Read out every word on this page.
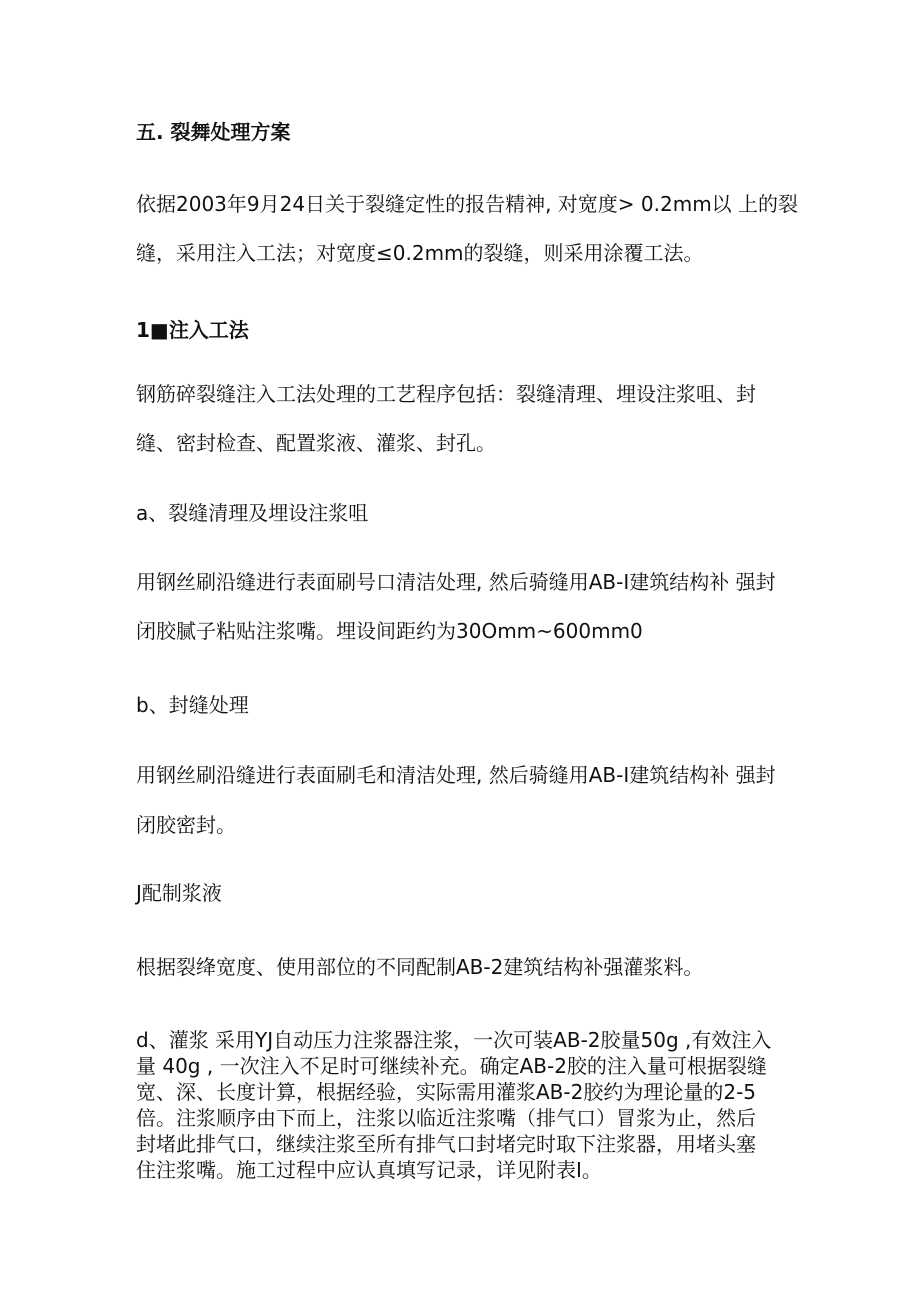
五. 裂舞处理方案

依据2003年9月24日关于裂缝定性的报告精神, 对宽度> 0.2mm以 上的裂

缝，采用注入工法；对宽度≤0.2mm的裂缝，则采用涂覆工法。

1■注入工法

钢筋碎裂缝注入工法处理的工艺程序包括：裂缝清理、埋设注浆咀、封

缝、密封检查、配置浆液、灌浆、封孔。

a、裂缝清理及埋设注浆咀

用钢丝刷沿缝进行表面刷号口清洁处理, 然后骑缝用AB-I建筑结构补 强封

闭胶腻子粘贴注浆嘴。埋设间距约为30Omm~600mm0

b、封缝处理

用钢丝刷沿缝进行表面刷毛和清洁处理, 然后骑缝用AB-I建筑结构补 强封

闭胶密封。

J配制浆液

根据裂绛宽度、使用部位的不同配制AB-2建筑结构补强灌浆料。

d、灌浆 采用YJ自动压力注浆器注浆，一次可装AB-2胶量50g ,有效注入

量 40g , 一次注入不足时可继续补充。确定AB-2胶的注入量可根据裂缝

宽、深、长度计算，根据经验，实际需用灌浆AB-2胶约为理论量的2-5

倍。注浆顺序由下而上，注浆以临近注浆嘴（排气口）冒浆为止，然后

封堵此排气口，继续注浆至所有排气口封堵完时取下注浆器，用堵头塞

住注浆嘴。施工过程中应认真填写记录，详见附表I。
